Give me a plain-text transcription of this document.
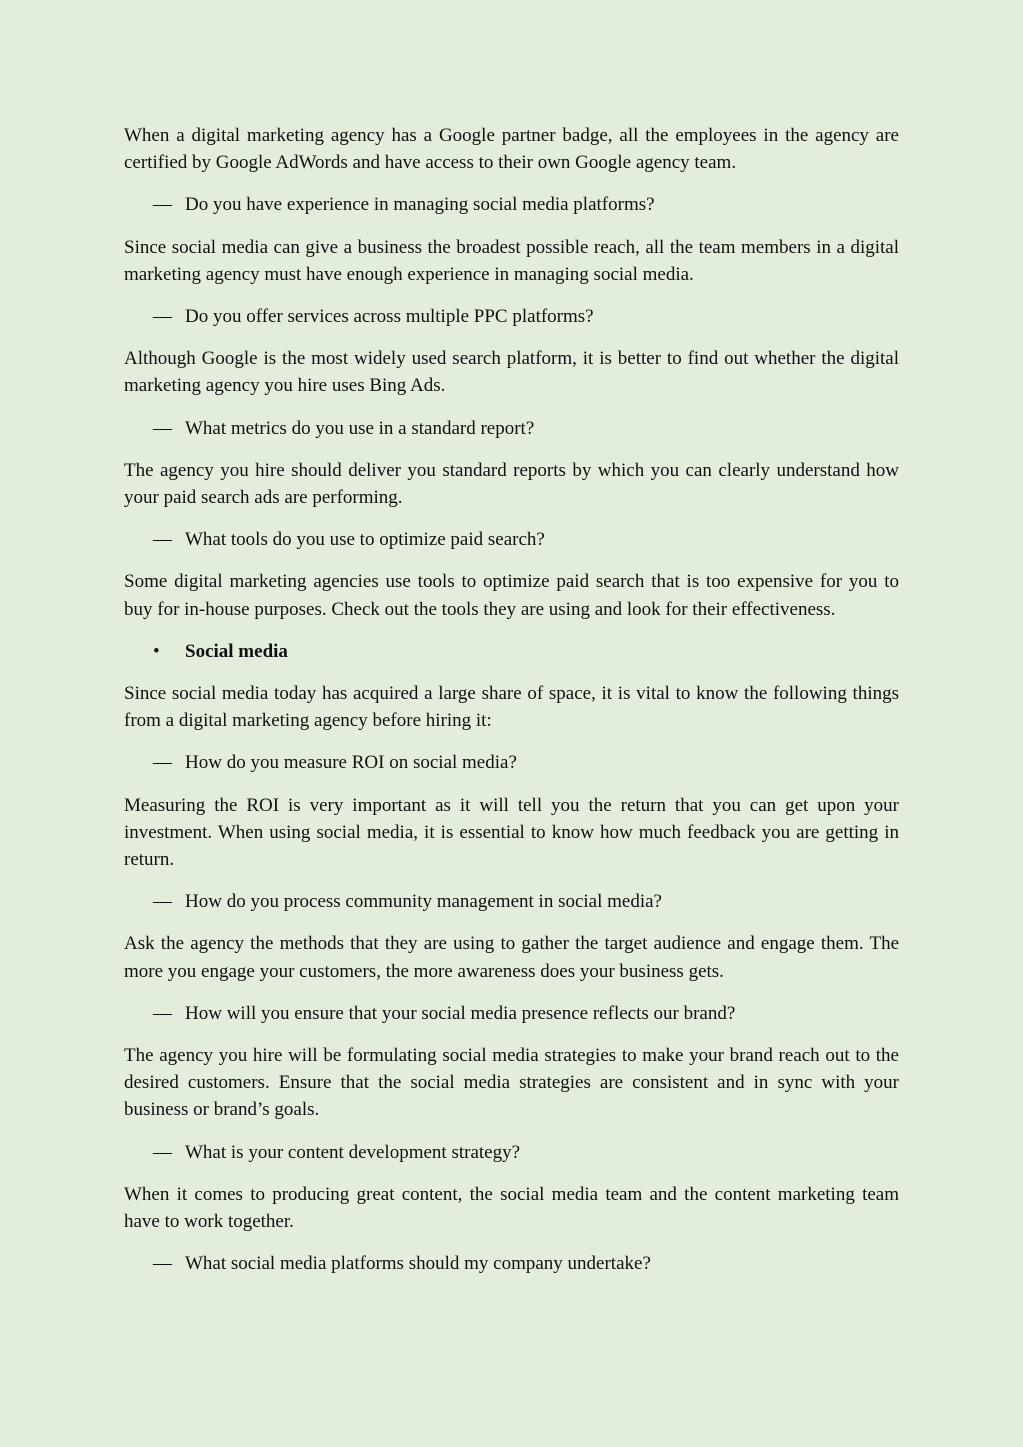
When a digital marketing agency has a Google partner badge, all the employees in the agency are certified by Google AdWords and have access to their own Google agency team.

— Do you have experience in managing social media platforms?

Since social media can give a business the broadest possible reach, all the team members in a digital marketing agency must have enough experience in managing social media.

— Do you offer services across multiple PPC platforms?

Although Google is the most widely used search platform, it is better to find out whether the digital marketing agency you hire uses Bing Ads.

— What metrics do you use in a standard report?

The agency you hire should deliver you standard reports by which you can clearly understand how your paid search ads are performing.

— What tools do you use to optimize paid search?

Some digital marketing agencies use tools to optimize paid search that is too expensive for you to buy for in-house purposes. Check out the tools they are using and look for their effectiveness.

•	Social media

Since social media today has acquired a large share of space, it is vital to know the following things from a digital marketing agency before hiring it:

— How do you measure ROI on social media?

Measuring the ROI is very important as it will tell you the return that you can get upon your investment. When using social media, it is essential to know how much feedback you are getting in return.

— How do you process community management in social media?

Ask the agency the methods that they are using to gather the target audience and engage them. The more you engage your customers, the more awareness does your business gets.

— How will you ensure that your social media presence reflects our brand?

The agency you hire will be formulating social media strategies to make your brand reach out to the desired customers. Ensure that the social media strategies are consistent and in sync with your business or brand’s goals.

— What is your content development strategy?

When it comes to producing great content, the social media team and the content marketing team have to work together.

— What social media platforms should my company undertake?
